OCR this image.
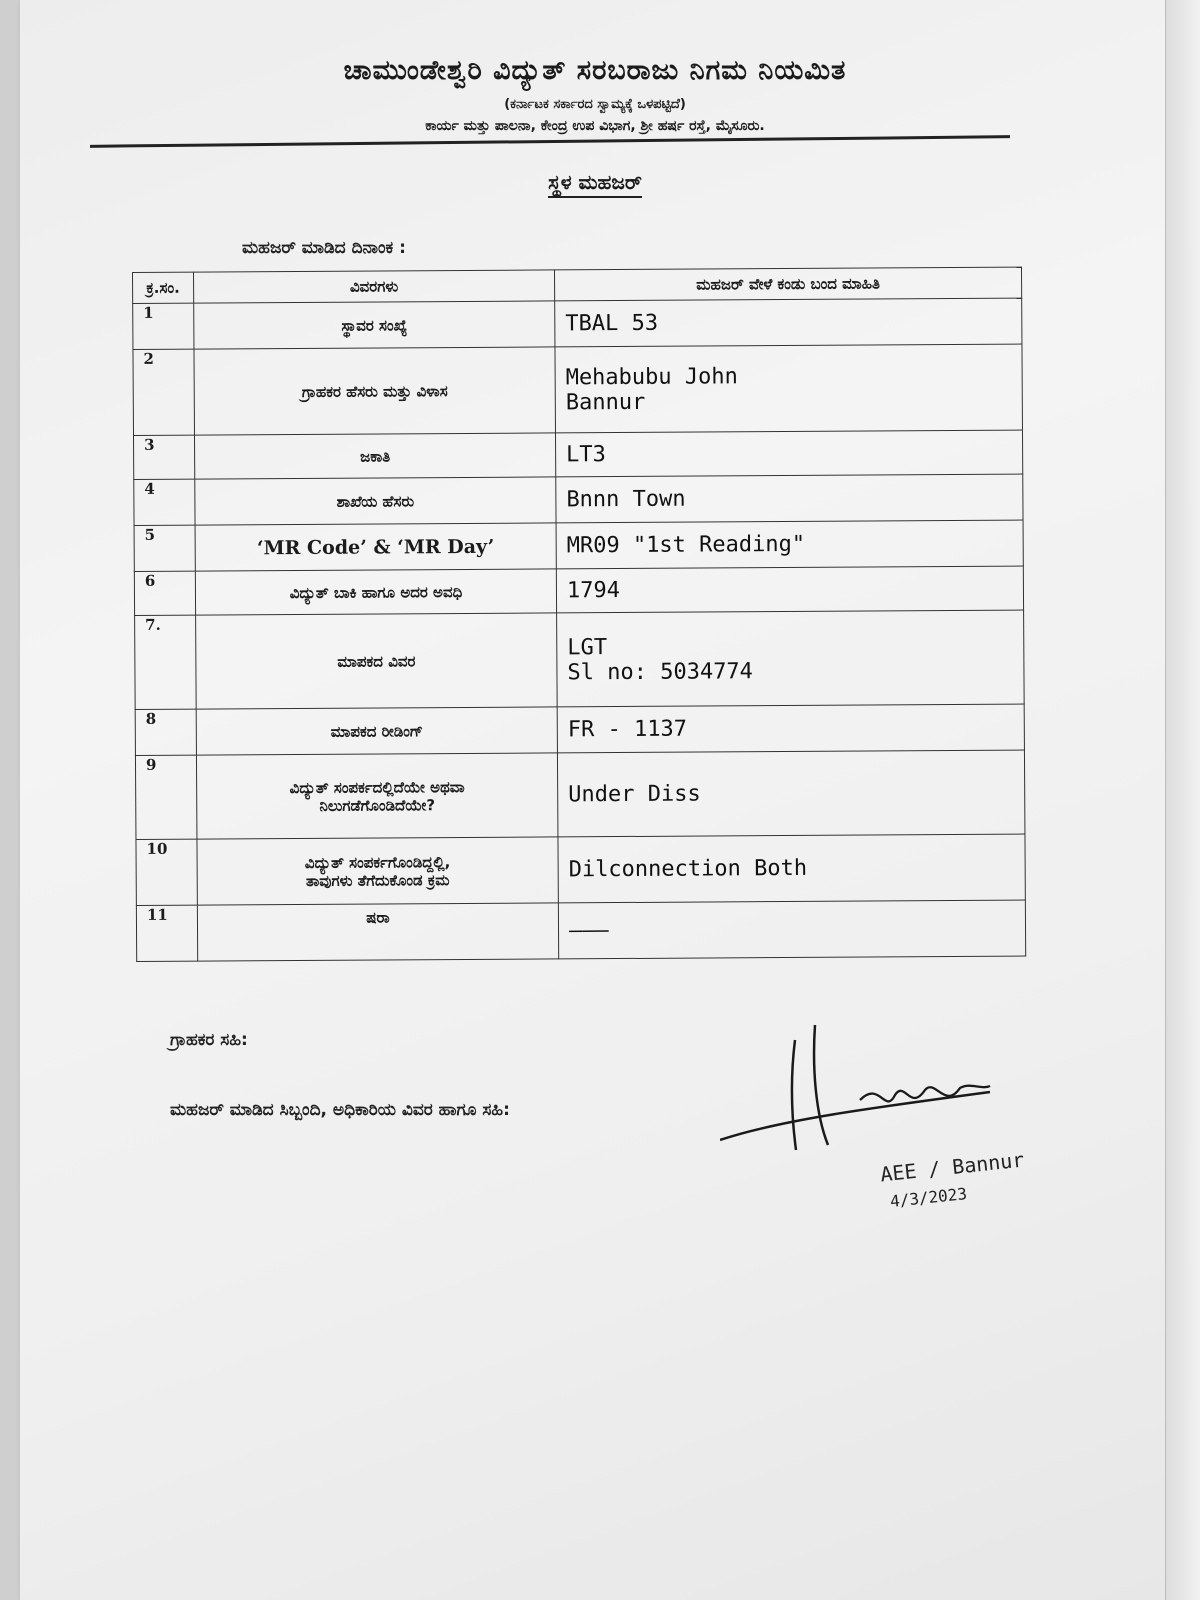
ಚಾಮುಂಡೇಶ್ವರಿ ವಿದ್ಯುತ್ ಸರಬರಾಜು ನಿಗಮ ನಿಯಮಿತ
(ಕರ್ನಾಟಕ ಸರ್ಕಾರದ ಸ್ವಾಮ್ಯಕ್ಕೆ ಒಳಪಟ್ಟಿದೆ)
ಕಾರ್ಯ ಮತ್ತು ಪಾಲನಾ, ಕೇಂದ್ರ ಉಪ ವಿಭಾಗ, ಶ್ರೀ ಹರ್ಷ ರಸ್ತೆ, ಮೈಸೂರು.
ಸ್ಥಳ ಮಹಜರ್
ಮಹಜರ್ ಮಾಡಿದ ದಿನಾಂಕ :
ಕ್ರ.ಸಂ.	ವಿವರಗಳು	ಮಹಜರ್ ವೇಳೆ ಕಂಡು ಬಂದ ಮಾಹಿತಿ
1	ಸ್ಥಾವರ ಸಂಖ್ಯೆ	TBAL 53
2	ಗ್ರಾಹಕರ ಹೆಸರು ಮತ್ತು ವಿಳಾಸ	Mehabubu John
Bannur
3	ಜಕಾತಿ	LT3
4	ಶಾಖೆಯ ಹೆಸರು	Bnnn Town
5	‘MR Code’ & ‘MR Day’	MR09 "1st Reading"
6	ವಿದ್ಯುತ್ ಬಾಕಿ ಹಾಗೂ ಅದರ ಅವಧಿ	1794
7.	ಮಾಪಕದ ವಿವರ	LGT
Sl no: 5034774
8	ಮಾಪಕದ ರೀಡಿಂಗ್	FR - 1137
9	ವಿದ್ಯುತ್ ಸಂಪರ್ಕದಲ್ಲಿದೆಯೇ ಅಥವಾ
ನಿಲುಗಡೆಗೊಂಡಿದೆಯೇ?	Under Diss
10	ವಿದ್ಯುತ್ ಸಂಪರ್ಕಗೊಂಡಿದ್ದಲ್ಲಿ,
ತಾವುಗಳು ತೆಗೆದುಕೊಂಡ ಕ್ರಮ	Dilconnection Both
11	ಷರಾ	———
ಗ್ರಾಹಕರ ಸಹಿ:
ಮಹಜರ್ ಮಾಡಿದ ಸಿಬ್ಬಂದಿ, ಅಧಿಕಾರಿಯ ವಿವರ ಹಾಗೂ ಸಹಿ:
AEE / Bannur
4/3/2023
